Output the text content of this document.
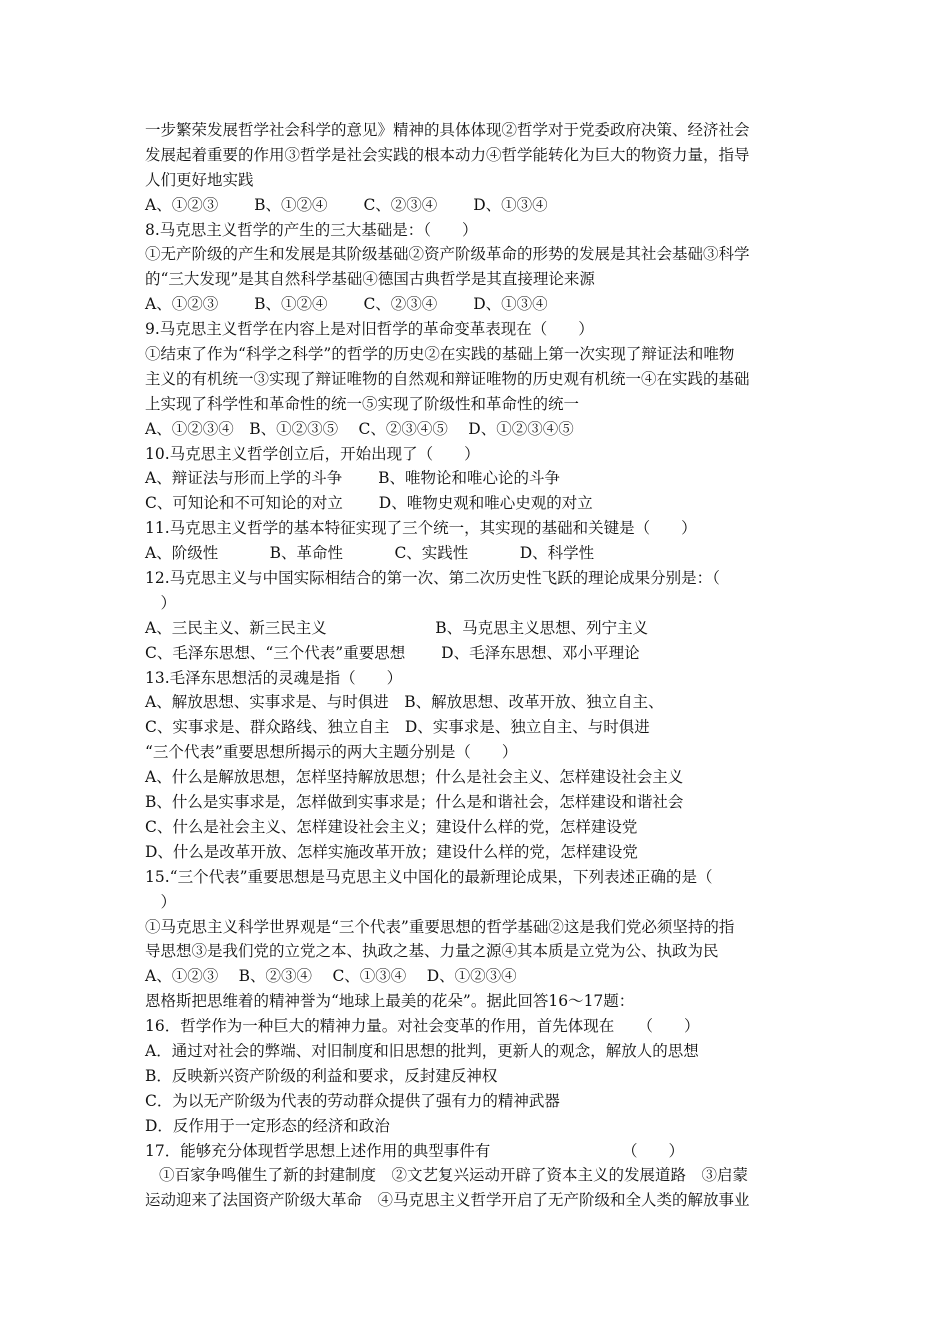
一步繁荣发展哲学社会科学的意见》精神的具体体现②哲学对于党委政府决策、经济社会
发展起着重要的作用③哲学是社会实践的根本动力④哲学能转化为巨大的物资力量，指导
人们更好地实践
A、①②③　　 B、①②④　　 C、②③④　　 D、①③④
8.马克思主义哲学的产生的三大基础是：（　　）
①无产阶级的产生和发展是其阶级基础②资产阶级革命的形势的发展是其社会基础③科学
的“三大发现”是其自然科学基础④德国古典哲学是其直接理论来源
A、①②③　　 B、①②④　　 C、②③④　　 D、①③④
9.马克思主义哲学在内容上是对旧哲学的革命变革表现在（　　）
①结束了作为“科学之科学”的哲学的历史②在实践的基础上第一次实现了辩证法和唯物
主义的有机统一③实现了辩证唯物的自然观和辩证唯物的历史观有机统一④在实践的基础
上实现了科学性和革命性的统一⑤实现了阶级性和革命性的统一
A、①②③④　B、①②③⑤　 C、②③④⑤　 D、①②③④⑤
10.马克思主义哲学创立后，开始出现了（　　）
A、辩证法与形而上学的斗争　　 B、唯物论和唯心论的斗争
C、可知论和不可知论的对立　　 D、唯物史观和唯心史观的对立
11.马克思主义哲学的基本特征实现了三个统一，其实现的基础和关键是（　　）
A、阶级性　　　 B、革命性　　　 C、实践性　　　 D、科学性
12.马克思主义与中国实际相结合的第一次、第二次历史性飞跃的理论成果分别是：（
　）
A、三民主义、新三民主义　　　　　　　B、马克思主义思想、列宁主义
C、毛泽东思想、“三个代表”重要思想　　 D、毛泽东思想、邓小平理论
13.毛泽东思想活的灵魂是指（　　）
A、解放思想、实事求是、与时俱进　B、解放思想、改革开放、独立自主、
C、实事求是、群众路线、独立自主　D、实事求是、独立自主、与时俱进
“三个代表”重要思想所揭示的两大主题分别是（　　）
A、什么是解放思想，怎样坚持解放思想；什么是社会主义、怎样建设社会主义
B、什么是实事求是，怎样做到实事求是；什么是和谐社会，怎样建设和谐社会
C、什么是社会主义、怎样建设社会主义；建设什么样的党，怎样建设党
D、什么是改革开放、怎样实施改革开放；建设什么样的党，怎样建设党
15.“三个代表”重要思想是马克思主义中国化的最新理论成果，下列表述正确的是（
　）
①马克思主义科学世界观是“三个代表”重要思想的哲学基础②这是我们党必须坚持的指
导思想③是我们党的立党之本、执政之基、力量之源④其本质是立党为公、执政为民
A、①②③　 B、②③④　 C、①③④　 D、①②③④
恩格斯把思维着的精神誉为“地球上最美的花朵”。据此回答16～17题：
16．哲学作为一种巨大的精神力量。对社会变革的作用，首先体现在　　（　　）
A．通过对社会的弊端、对旧制度和旧思想的批判，更新人的观念，解放人的思想
B．反映新兴资产阶级的利益和要求，反封建反神权
C．为以无产阶级为代表的劳动群众提供了强有力的精神武器
D．反作用于一定形态的经济和政治
17．能够充分体现哲学思想上述作用的典型事件有　　　　　　　　　（　　）
①百家争鸣催生了新的封建制度　②文艺复兴运动开辟了资本主义的发展道路　③启蒙
运动迎来了法国资产阶级大革命　④马克思主义哲学开启了无产阶级和全人类的解放事业
